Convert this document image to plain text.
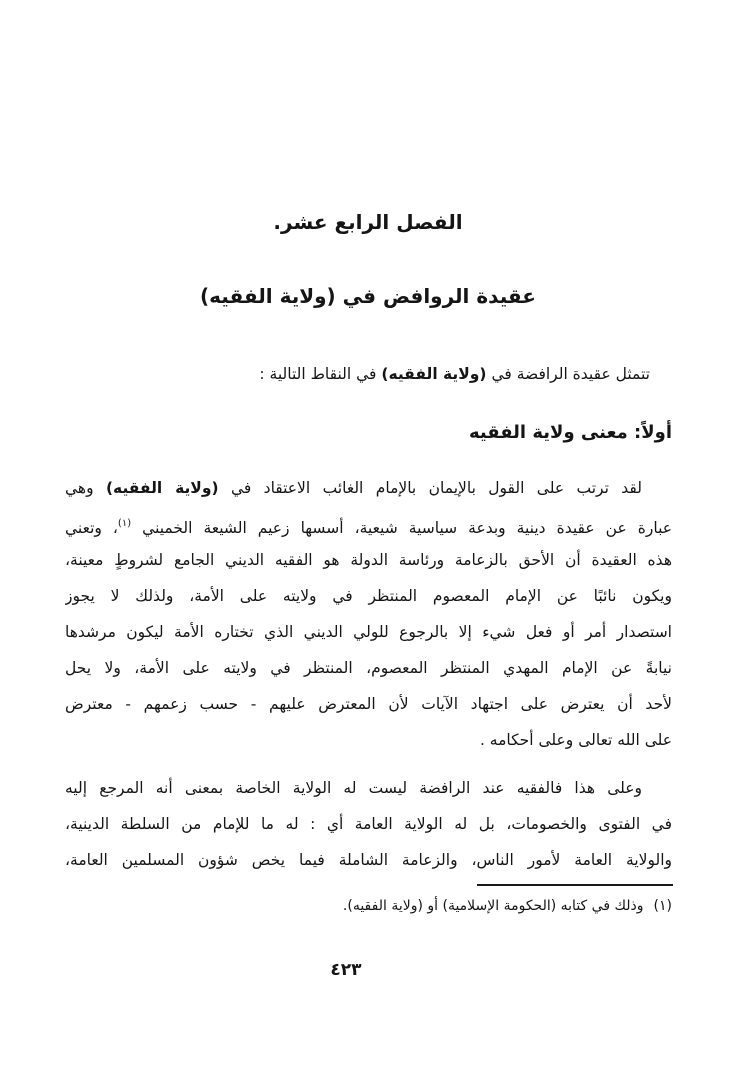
الفصل الرابع عشر.
عقيدة الروافض في (ولاية الفقيه)
تتمثل عقيدة الرافضة في (ولاية الفقيه) في النقاط التالية :
أولاً: معنى ولاية الفقيه
لقد ترتب على القول بالإيمان بالإمام الغائب الاعتقاد في (ولاية الفقيه) وهي
عبارة عن عقيدة دينية وبدعة سياسية شيعية، أسسها زعيم الشيعة الخميني $^{(١)}$، وتعني
هذه العقيدة أن الأحق بالزعامة ورئاسة الدولة هو الفقيه الديني الجامع لشروطٍ معينة،
ويكون نائبًا عن الإمام المعصوم المنتظر في ولايته على الأمة، ولذلك لا يجوز
استصدار أمر أو فعل شيء إلا بالرجوع للولي الديني الذي تختاره الأمة ليكون مرشدها
نيابةً عن الإمام المهدي المنتظر المعصوم، المنتظر في ولايته على الأمة، ولا يحل
لأحد أن يعترض على اجتهاد الآيات لأن المعترض عليهم - حسب زعمهم - معترض
على الله تعالى وعلى أحكامه .
وعلى هذا فالفقيه عند الرافضة ليست له الولاية الخاصة بمعنى أنه المرجع إليه
في الفتوى والخصومات، بل له الولاية العامة أي : له ما للإمام من السلطة الدينية،
والولاية العامة لأمور الناس، والزعامة الشاملة فيما يخص شؤون المسلمين العامة،
(١)وذلك في كتابه (الحكومة الإسلامية) أو (ولاية الفقيه).
٤٢٣
